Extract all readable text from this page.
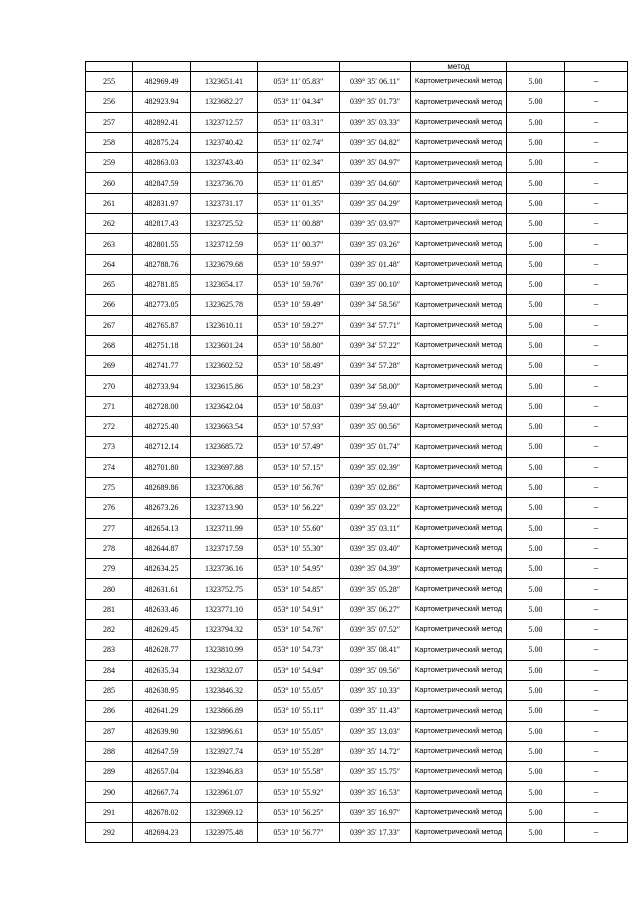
					метод		
255	482969.49	1323651.41	053° 11′ 05.83″	039° 35′ 06.11″	Картометрический метод	5.00	–
256	482923.94	1323682.27	053° 11′ 04.34″	039° 35′ 01.73″	Картометрический метод	5.00	–
257	482892.41	1323712.57	053° 11′ 03.31″	039° 35′ 03.33″	Картометрический метод	5.00	–
258	482875.24	1323740.42	053° 11′ 02.74″	039° 35′ 04.82″	Картометрический метод	5.00	–
259	482863.03	1323743.40	053° 11′ 02.34″	039° 35′ 04.97″	Картометрический метод	5.00	–
260	482847.59	1323736.70	053° 11′ 01.85″	039° 35′ 04.60″	Картометрический метод	5.00	–
261	482831.97	1323731.17	053° 11′ 01.35″	039° 35′ 04.29″	Картометрический метод	5.00	–
262	482817.43	1323725.52	053° 11′ 00.88″	039° 35′ 03.97″	Картометрический метод	5.00	–
263	482801.55	1323712.59	053° 11′ 00.37″	039° 35′ 03.26″	Картометрический метод	5.00	–
264	482788.76	1323679.68	053° 10′ 59.97″	039° 35′ 01.48″	Картометрический метод	5.00	–
265	482781.85	1323654.17	053° 10′ 59.76″	039° 35′ 00.10″	Картометрический метод	5.00	–
266	482773.05	1323625.78	053° 10′ 59.49″	039° 34′ 58.56″	Картометрический метод	5.00	–
267	482765.87	1323610.11	053° 10′ 59.27″	039° 34′ 57.71″	Картометрический метод	5.00	–
268	482751.18	1323601.24	053° 10′ 58.80″	039° 34′ 57.22″	Картометрический метод	5.00	–
269	482741.77	1323602.52	053° 10′ 58.49″	039° 34′ 57.28″	Картометрический метод	5.00	–
270	482733.94	1323615.86	053° 10′ 58.23″	039° 34′ 58.00″	Картометрический метод	5.00	–
271	482728.00	1323642.04	053° 10′ 58.03″	039° 34′ 59.40″	Картометрический метод	5.00	–
272	482725.40	1323663.54	053° 10′ 57.93″	039° 35′ 00.56″	Картометрический метод	5.00	–
273	482712.14	1323685.72	053° 10′ 57.49″	039° 35′ 01.74″	Картометрический метод	5.00	–
274	482701.80	1323697.88	053° 10′ 57.15″	039° 35′ 02.39″	Картометрический метод	5.00	–
275	482689.86	1323706.88	053° 10′ 56.76″	039° 35′ 02.86″	Картометрический метод	5.00	–
276	482673.26	1323713.90	053° 10′ 56.22″	039° 35′ 03.22″	Картометрический метод	5.00	–
277	482654.13	1323711.99	053° 10′ 55.60″	039° 35′ 03.11″	Картометрический метод	5.00	–
278	482644.87	1323717.59	053° 10′ 55.30″	039° 35′ 03.40″	Картометрический метод	5.00	–
279	482634.25	1323736.16	053° 10′ 54.95″	039° 35′ 04.39″	Картометрический метод	5.00	–
280	482631.61	1323752.75	053° 10′ 54.85″	039° 35′ 05.28″	Картометрический метод	5.00	–
281	482633.46	1323771.10	053° 10′ 54.91″	039° 35′ 06.27″	Картометрический метод	5.00	–
282	482629.45	1323794.32	053° 10′ 54.76″	039° 35′ 07.52″	Картометрический метод	5.00	–
283	482628.77	1323810.99	053° 10′ 54.73″	039° 35′ 08.41″	Картометрический метод	5.00	–
284	482635.34	1323832.07	053° 10′ 54.94″	039° 35′ 09.56″	Картометрический метод	5.00	–
285	482638.95	1323846.32	053° 10′ 55.05″	039° 35′ 10.33″	Картометрический метод	5.00	–
286	482641.29	1323866.89	053° 10′ 55.11″	039° 35′ 11.43″	Картометрический метод	5.00	–
287	482639.90	1323896.61	053° 10′ 55.05″	039° 35′ 13.03″	Картометрический метод	5.00	–
288	482647.59	1323927.74	053° 10′ 55.28″	039° 35′ 14.72″	Картометрический метод	5.00	–
289	482657.04	1323946.83	053° 10′ 55.58″	039° 35′ 15.75″	Картометрический метод	5.00	–
290	482667.74	1323961.07	053° 10′ 55.92″	039° 35′ 16.53″	Картометрический метод	5.00	–
291	482678.02	1323969.12	053° 10′ 56.25″	039° 35′ 16.97″	Картометрический метод	5.00	–
292	482694.23	1323975.48	053° 10′ 56.77″	039° 35′ 17.33″	Картометрический метод	5.00	–
